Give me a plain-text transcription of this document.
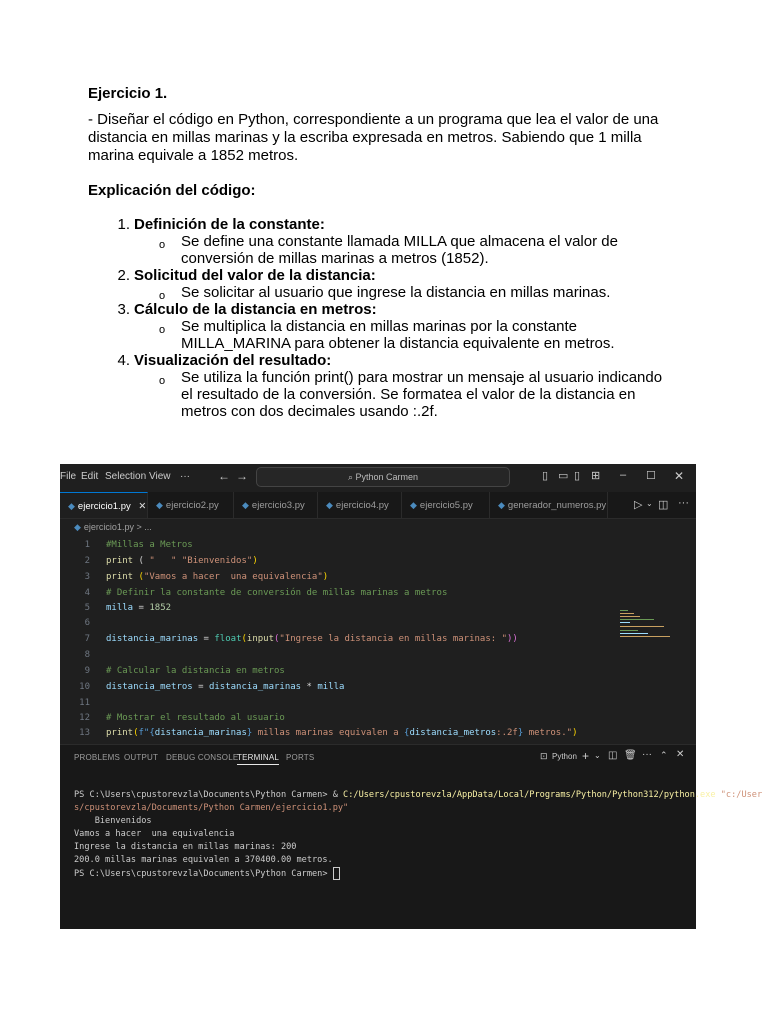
Ejercicio 1.
- Diseñar el código en Python, correspondiente a un programa que lea el valor de una
distancia en millas marinas y la escriba expresada en metros. Sabiendo que 1 milla
marina equivale a 1852 metros.
Explicación del código:
1. Definición de la constante:
o Se define una constante llamada MILLA que almacena el valor de
conversión de millas marinas a metros (1852).
2. Solicitud del valor de la distancia:
o Se solicitar al usuario que ingrese la distancia en millas marinas.
3. Cálculo de la distancia en metros:
o Se multiplica la distancia en millas marinas por la constante
MILLA_MARINA para obtener la distancia equivalente en metros.
4. Visualización del resultado:
o Se utiliza la función print() para mostrar un mensaje al usuario indicando
el resultado de la conversión. Se formatea el valor de la distancia en
metros con dos decimales usando :.2f.
File Edit Selection View ··· ← →	⌕ Python Carmen	▯ ▭ ▯ ⊞ – ☐ ✕
◆ ejercicio1.py ✕	◆ ejercicio2.py	◆ ejercicio3.py	◆ ejercicio4.py	◆ ejercicio5.py	◆ generador_numeros.py	▷ ⌄ ◫ ···
◆ ejercicio1.py > ...
1
2
3
4
5
6
7
8
9
10
11
12
13
#Millas a Metros
print ( "   " "Bienvenidos")
print ("Vamos a hacer  una equivalencia")
# Definir la constante de conversión de millas marinas a metros
milla = 1852
distancia_marinas = float(input("Ingrese la distancia en millas marinas: "))
# Calcular la distancia en metros
distancia_metros = distancia_marinas * milla
# Mostrar el resultado al usuario
print(f"{distancia_marinas} millas marinas equivalen a {distancia_metros:.2f} metros.")
PROBLEMS OUTPUT DEBUG CONSOLE
TERMINAL PORTS	⊡ Python + ⌄ ◫ 🗑 ··· ⌃ ✕
PS C:\Users\cpustorevzla\Documents\Python Carmen> & C:/Users/cpustorevzla/AppData/Local/Programs/Python/Python312/python.exe "c:/User
s/cpustorevzla/Documents/Python Carmen/ejercicio1.py"
Bienvenidos
Vamos a hacer  una equivalencia
Ingrese la distancia en millas marinas: 200
200.0 millas marinas equivalen a 370400.00 metros.
PS C:\Users\cpustorevzla\Documents\Python Carmen>
